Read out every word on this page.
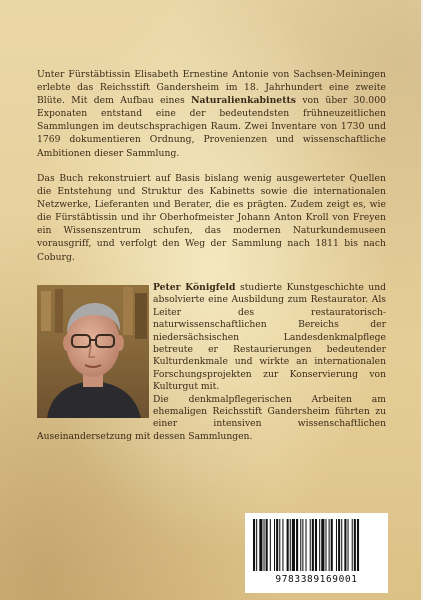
Unter Fürstäbtissin Elisabeth Ernestine Antonie von Sachsen-Meiningen erlebte das Reichsstift Gandersheim im 18. Jahrhundert eine zweite Blüte. Mit dem Aufbau eines Naturalienkabinetts von über 30.000 Exponaten entstand eine der bedeutendsten frühneuzeitlichen Sammlungen im deutschsprachigen Raum. Zwei Inventare von 1730 und 1769 dokumentieren Ordnung, Provenienzen und wissenschaftliche Ambitionen dieser Sammlung.

Das Buch rekonstruiert auf Basis bislang wenig ausgewerteter Quellen die Entstehung und Struktur des Kabinetts sowie die internationalen Netzwerke, Lieferanten und Berater, die es prägten. Zudem zeigt es, wie die Fürstäbtissin und ihr Oberhofmeister Johann Anton Kroll von Freyen ein Wissenszentrum schufen, das modernen Naturkundemuseen vorausgriff, und verfolgt den Weg der Sammlung nach 1811 bis nach Coburg.

Peter Königfeld studierte Kunstgeschichte und absolvierte eine Ausbildung zum Restaurator. Als Leiter des restauratorisch-naturwissenschaftlichen Bereichs der niedersächsischen Landesdenkmalpflege betreute er Restaurierungen bedeutender Kulturdenkmale und wirkte an internationalen Forschungsprojekten zur Konservierung von Kulturgut mit.
Die denkmalpflegerischen Arbeiten am ehemaligen Reichsstift Gandersheim führten zu einer intensiven wissenschaftlichen Auseinandersetzung mit dessen Sammlungen.
9783389169001
